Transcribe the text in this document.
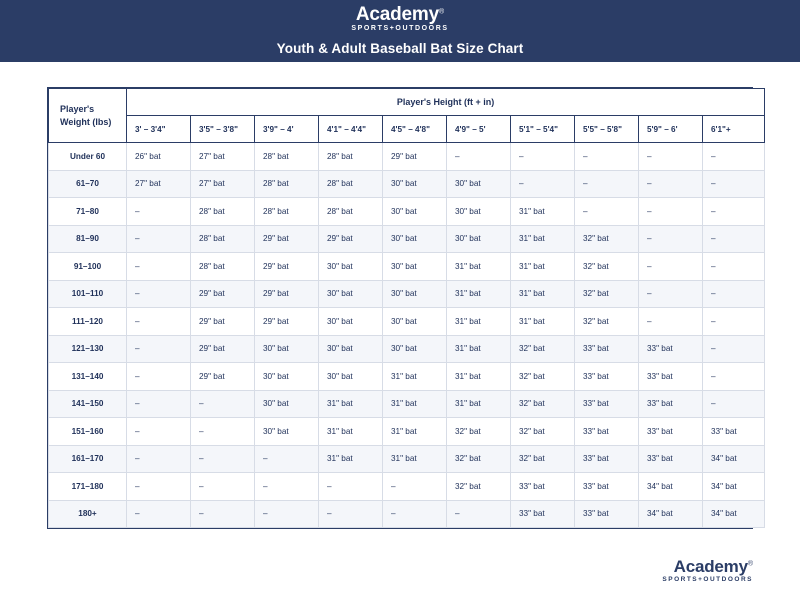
Academy®
SPORTS+OUTDOORS
Youth & Adult Baseball Bat Size Chart
Player's Weight (lbs)	Player's Height (ft + in)									
	3' – 3'4"	3'5" – 3'8"	3'9" – 4'	4'1" – 4'4"	4'5" – 4'8"	4'9" – 5'	5'1" – 5'4"	5'5" – 5'8"	5'9" – 6'	6'1"+
Under 60	26" bat	27" bat	28" bat	28" bat	29" bat	–	–	–	–	–
61–70	27" bat	27" bat	28" bat	28" bat	30" bat	30" bat	–	–	–	–
71–80	–	28" bat	28" bat	28" bat	30" bat	30" bat	31" bat	–	–	–
81–90	–	28" bat	29" bat	29" bat	30" bat	30" bat	31" bat	32" bat	–	–
91–100	–	28" bat	29" bat	30" bat	30" bat	31" bat	31" bat	32" bat	–	–
101–110	–	29" bat	29" bat	30" bat	30" bat	31" bat	31" bat	32" bat	–	–
111–120	–	29" bat	29" bat	30" bat	30" bat	31" bat	31" bat	32" bat	–	–
121–130	–	29" bat	30" bat	30" bat	30" bat	31" bat	32" bat	33" bat	33" bat	–
131–140	–	29" bat	30" bat	30" bat	31" bat	31" bat	32" bat	33" bat	33" bat	–
141–150	–	–	30" bat	31" bat	31" bat	31" bat	32" bat	33" bat	33" bat	–
151–160	–	–	30" bat	31" bat	31" bat	32" bat	32" bat	33" bat	33" bat	33" bat
161–170	–	–	–	31" bat	31" bat	32" bat	32" bat	33" bat	33" bat	34" bat
171–180	–	–	–	–	–	32" bat	33" bat	33" bat	34" bat	34" bat
180+	–	–	–	–	–	–	33" bat	33" bat	34" bat	34" bat
Academy®
SPORTS+OUTDOORS
